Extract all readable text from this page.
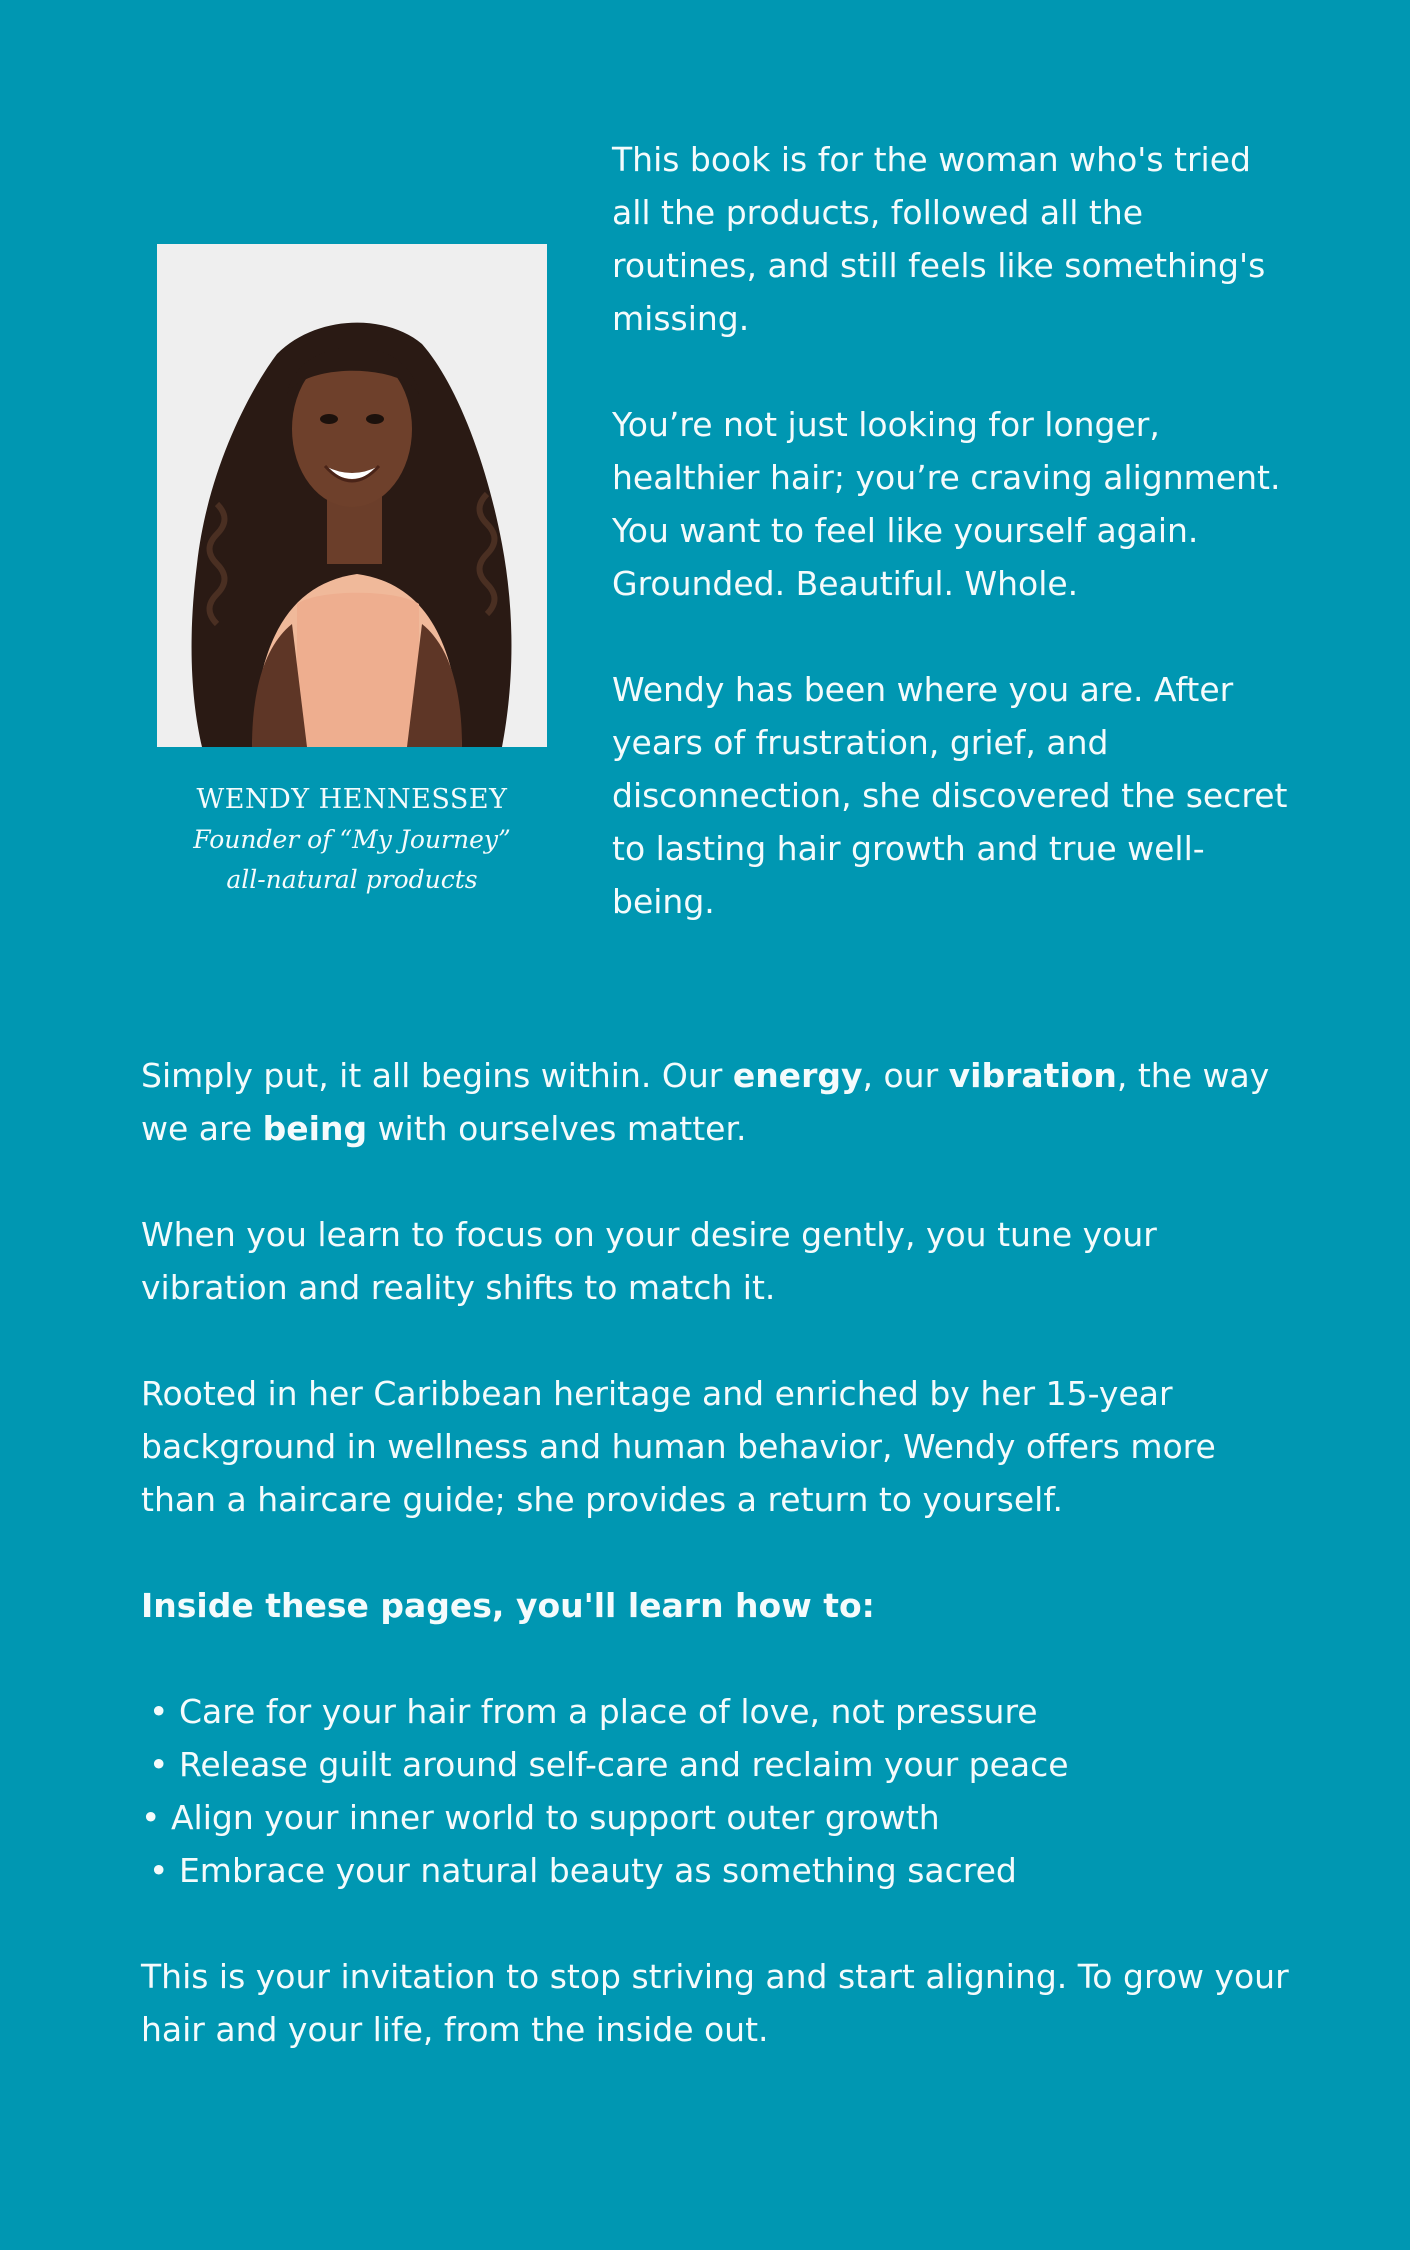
WENDY HENNESSEY
Founder of “My Journey”
all-natural products

This book is for the woman who's tried all the products, followed all the routines, and still feels like something's missing.

You’re not just looking for longer, healthier hair; you’re craving alignment. You want to feel like yourself again. Grounded. Beautiful. Whole.

Wendy has been where you are. After years of frustration, grief, and disconnection, she discovered the secret to lasting hair growth and true well-being.

Simply put, it all begins within. Our energy, our vibration, the way we are being with ourselves matter.

When you learn to focus on your desire gently, you tune your vibration and reality shifts to match it.

Rooted in her Caribbean heritage and enriched by her 15-year background in wellness and human behavior, Wendy offers more than a haircare guide; she provides a return to yourself.

Inside these pages, you'll learn how to:

• Care for your hair from a place of love, not pressure
• Release guilt around self-care and reclaim your peace
• Align your inner world to support outer growth
• Embrace your natural beauty as something sacred

This is your invitation to stop striving and start aligning. To grow your hair and your life, from the inside out.
